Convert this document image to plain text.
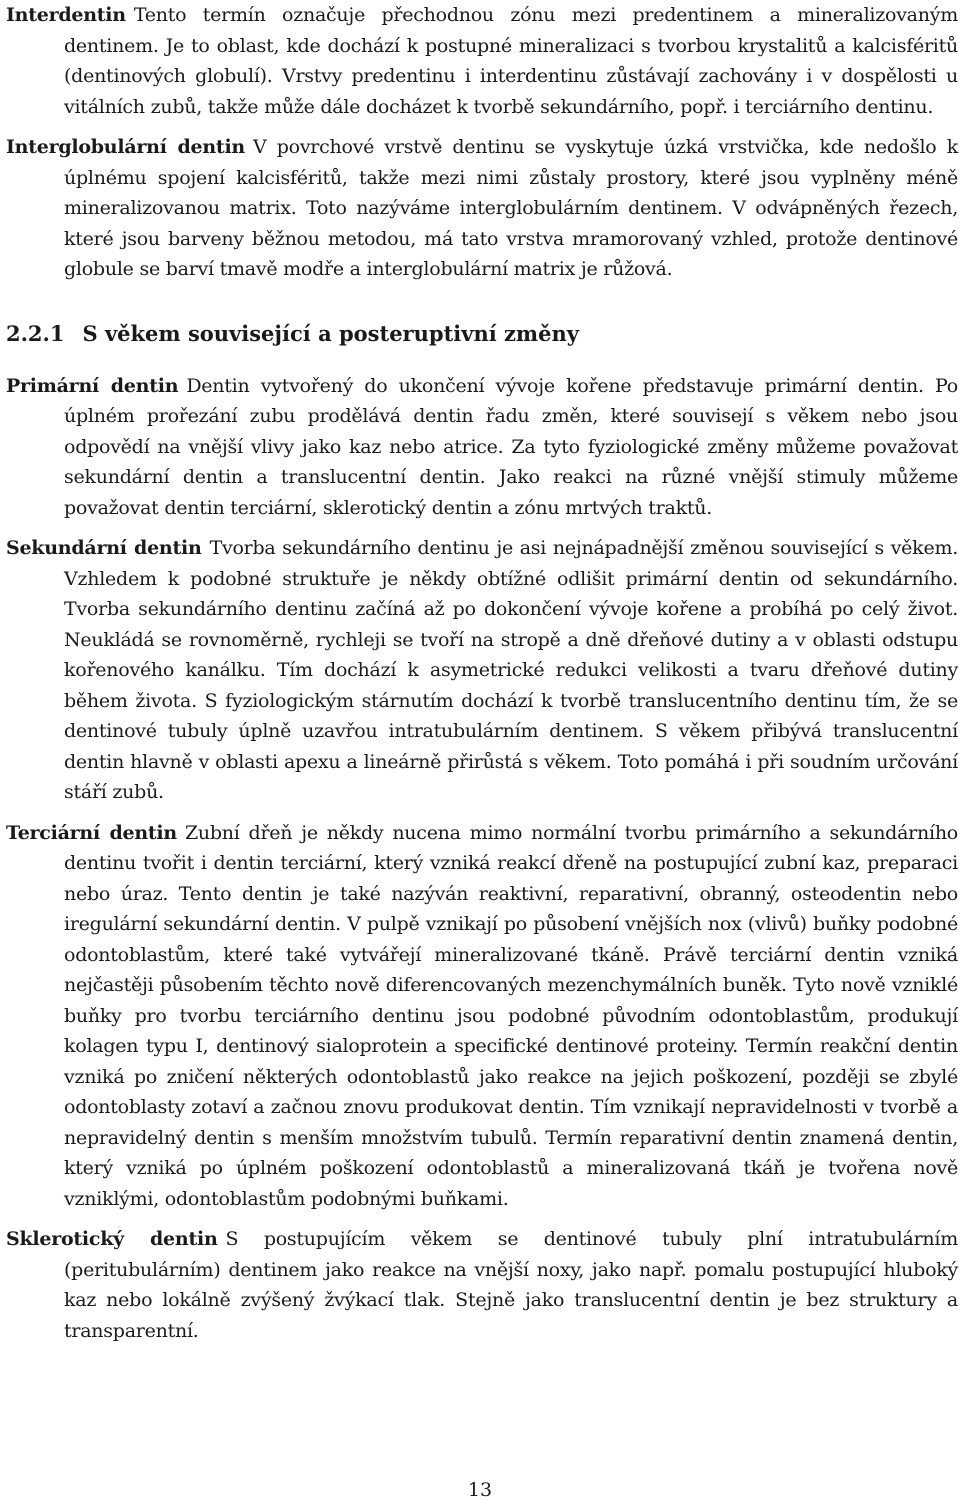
Interdentin Tento termín označuje přechodnou zónu mezi predentinem a mineralizovaným dentinem. Je to oblast, kde dochází k postupné mineralizaci s tvorbou krystalitů a kalcisféritů (dentinových globulí). Vrstvy predentinu i interdentinu zůstávají zachovány i v dospělosti u vitálních zubů, takže může dále docházet k tvorbě sekundárního, popř. i terciárního dentinu.

Interglobulární dentin V povrchové vrstvě dentinu se vyskytuje úzká vrstvička, kde nedošlo k úplnému spojení kalcisféritů, takže mezi nimi zůstaly prostory, které jsou vyplněny méně mineralizovanou matrix. Toto nazýváme interglobulárním dentinem. V odvápněných řezech, které jsou barveny běžnou metodou, má tato vrstva mramorovaný vzhled, protože dentinové globule se barví tmavě modře a interglobulární matrix je růžová.

2.2.1 S věkem související a posteruptivní změny

Primární dentin Dentin vytvořený do ukončení vývoje kořene představuje primární dentin. Po úplném prořezání zubu prodělává dentin řadu změn, které souvisejí s věkem nebo jsou odpovědí na vnější vlivy jako kaz nebo atrice. Za tyto fyziologické změny můžeme považovat sekundární dentin a translucentní dentin. Jako reakci na různé vnější stimuly můžeme považovat dentin terciární, sklerotický dentin a zónu mrtvých traktů.

Sekundární dentin Tvorba sekundárního dentinu je asi nejnápadnější změnou související s věkem. Vzhledem k podobné struktuře je někdy obtížné odlišit primární dentin od sekundárního. Tvorba sekundárního dentinu začíná až po dokončení vývoje kořene a probíhá po celý život. Neukládá se rovnoměrně, rychleji se tvoří na stropě a dně dřeňové dutiny a v oblasti odstupu kořenového kanálku. Tím dochází k asymetrické redukci velikosti a tvaru dřeňové dutiny během života. S fyziologickým stárnutím dochází k tvorbě translucentního dentinu tím, že se dentinové tubuly úplně uzavřou intratubulárním dentinem. S věkem přibývá translucentní dentin hlavně v oblasti apexu a lineárně přirůstá s věkem. Toto pomáhá i při soudním určování stáří zubů.

Terciární dentin Zubní dřeň je někdy nucena mimo normální tvorbu primárního a sekundárního dentinu tvořit i dentin terciární, který vzniká reakcí dřeně na postupující zubní kaz, preparaci nebo úraz. Tento dentin je také nazýván reaktivní, reparativní, obranný, osteodentin nebo iregulární sekundární dentin. V pulpě vznikají po působení vnějších nox (vlivů) buňky podobné odontoblastům, které také vytvářejí mineralizované tkáně. Právě terciární dentin vzniká nejčastěji působením těchto nově diferencovaných mezenchymálních buněk. Tyto nově vzniklé buňky pro tvorbu terciárního dentinu jsou podobné původním odontoblastům, produkují kolagen typu I, dentinový sialoprotein a specifické dentinové proteiny. Termín reakční dentin vzniká po zničení některých odontoblastů jako reakce na jejich poškození, později se zbylé odontoblasty zotaví a začnou znovu produkovat dentin. Tím vznikají nepravidelnosti v tvorbě a nepravidelný dentin s menším množstvím tubulů. Termín reparativní dentin znamená dentin, který vzniká po úplném poškození odontoblastů a mineralizovaná tkáň je tvořena nově vzniklými, odontoblastům podobnými buňkami.

Sklerotický dentin S postupujícím věkem se dentinové tubuly plní intratubulárním (peritubulárním) dentinem jako reakce na vnější noxy, jako např. pomalu postupující hluboký kaz nebo lokálně zvýšený žvýkací tlak. Stejně jako translucentní dentin je bez struktury a transparentní.

13
